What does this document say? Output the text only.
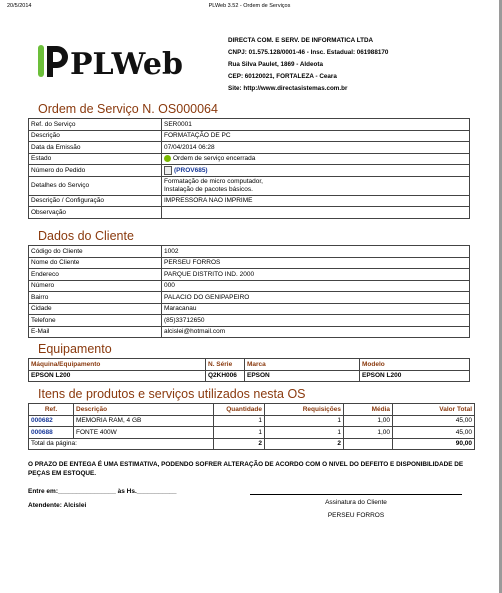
20/5/2014	PLWeb 3.52 - Ordem de Serviços
PLWeb
DIRECTA COM. E SERV. DE INFORMATICA LTDA
CNPJ: 01.575.128/0001-46 - Insc. Estadual: 061988170
Rua Silva Paulet, 1869 - Aldeota
CEP: 60120021, FORTALEZA - Ceara
Site: http://www.directasistemas.com.br
Ordem de Serviço N. OS000064
Ref. do Serviço	SER0001
Descrição	FORMATAÇÃO DE PC
Data da Emissão	07/04/2014 06:28
Estado	Ordem de serviço encerrada
Número do Pedido	(PROV685)
Detalhes do Serviço	Formatação de micro computador,
Instalação de pacotes básicos.

Descrição / Configuração	IMPRESSORA NAO IMPRIME
Observação	
Dados do Cliente
Código do Cliente	1002
Nome do Cliente	PERSEU FORROS
Endereco	PARQUE DISTRITO IND. 2000
Número	000
Bairro	PALACIO DO GENIPAPEIRO
Cidade	Maracanau
Telefone	(85)33712650
E-Mail	alcislei@hotmail.com
Equipamento
Máquina/Equipamento	N. Série	Marca	Modelo
EPSON L200	Q2KH006	EPSON	EPSON L200
Itens de produtos e serviços utilizados nesta OS
Ref.	Descrição	Quantidade	Requisições	Média	Valor Total
000682	MEMORIA RAM, 4 GB	1	1	1,00	45,00
000688	FONTE 400W	1	1	1,00	45,00
Total da página:		2	2		90,00
O PRAZO DE ENTEGA É UMA ESTIMATIVA, PODENDO SOFRER ALTERAÇÃO DE ACORDO COM O NIVEL DO DEFEITO E DISPONIBILIDADE DE PEÇAS EM ESTOQUE.
Entre em:________________ às Hs.___________
Atendente: Alcislei	Assinatura do Cliente
PERSEU FORROS
